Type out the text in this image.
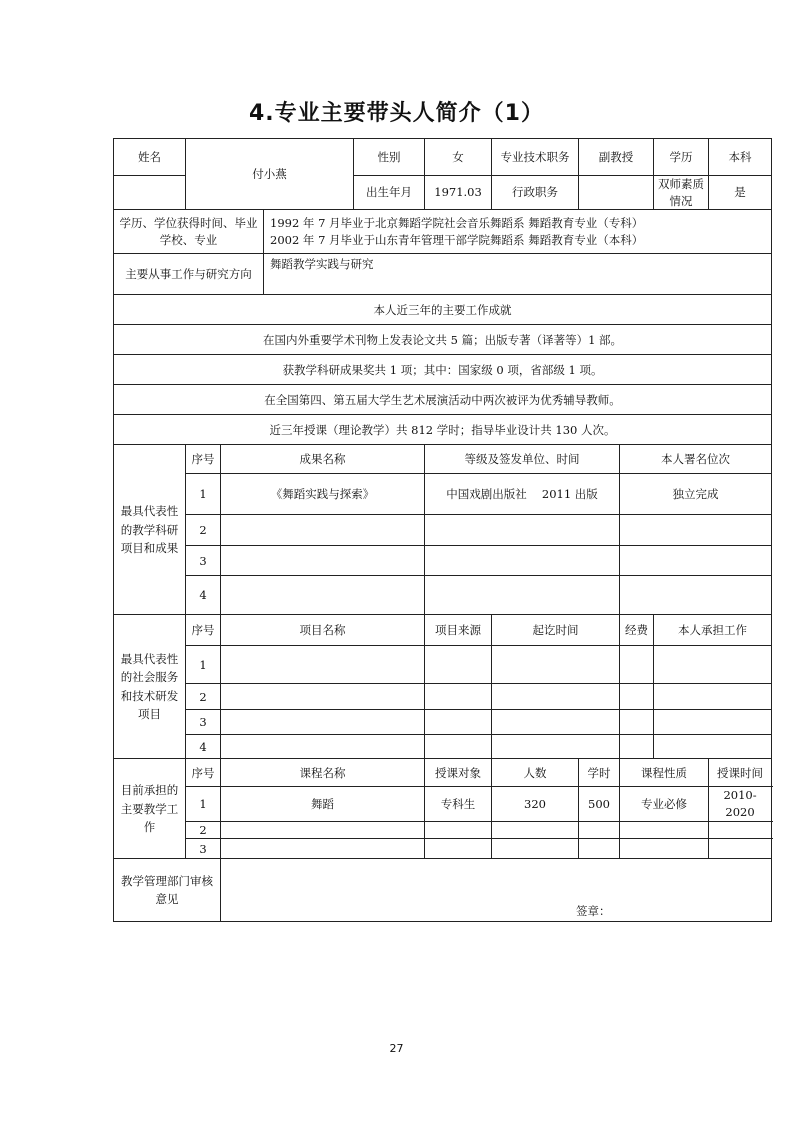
4.专业主要带头人简介（1）
姓名	付小燕			性别	女	专业技术职务	副教授		学历	本科
				出生年月	1971.03	行政职务			双师素质情况	是
学历、学位获得时间、毕业学校、专业			1992 年 7 月毕业于北京舞蹈学院社会音乐舞蹈系 舞蹈教育专业（专科）
2002 年 7 月毕业于山东青年管理干部学院舞蹈系 舞蹈教育专业（本科）							

主要从事工作与研究方向			舞蹈教学实践与研究							
本人近三年的主要工作成就										
在国内外重要学术刊物上发表论文共 5 篇；出版专著（译著等）1 部。										
获教学科研成果奖共 1 项；其中：国家级 0 项，省部级 1 项。										
在全国第四、第五届大学生艺术展演活动中两次被评为优秀辅导教师。										
近三年授课（理论教学）共 812 学时；指导毕业设计共 130 人次。										
最具代表性的教学科研项目和成果	序号	成果名称			等级及签发单位、时间			本人署名位次		
	1	《舞蹈实践与探索》			中国戏剧出版社　 2011 出版			独立完成		
	2									
	3									
	4									
最具代表性的社会服务和技术研发项目	序号	项目名称			项目来源	起讫时间		经费	本人承担工作	
	1									
	2									
	3									
	4									
目前承担的主要教学工作	序号	课程名称			授课对象	人数	学时	课程性质		授课时间
	1	舞蹈			专科生	320	500	专业必修		2010-2020
	2									
	3									
教学管理部门审核意见		签章：								
27
